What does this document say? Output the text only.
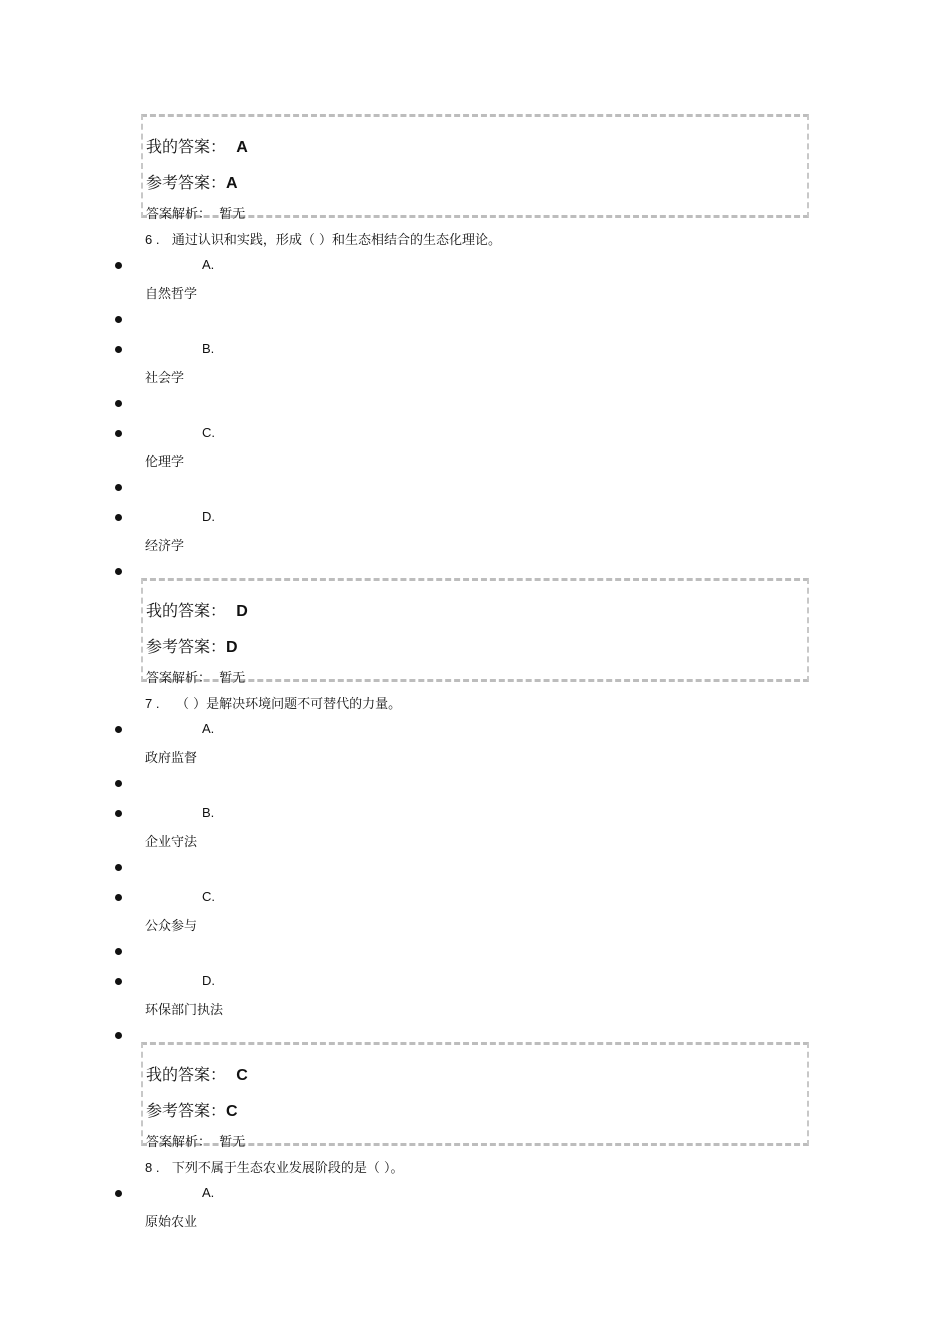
我的答案： A
参考答案：A
答案解析： 暂无
6 . 通过认识和实践，形成（ ）和生态相结合的生态化理论。
A.
自然哲学
B.
社会学
C.
伦理学
D.
经济学
我的答案： D
参考答案：D
答案解析： 暂无
7 . （ ）是解决环境问题不可替代的力量。
A.
政府监督
B.
企业守法
C.
公众参与
D.
环保部门执法
我的答案： C
参考答案：C
答案解析： 暂无
8 . 下列不属于生态农业发展阶段的是（ ）。
A.
原始农业
